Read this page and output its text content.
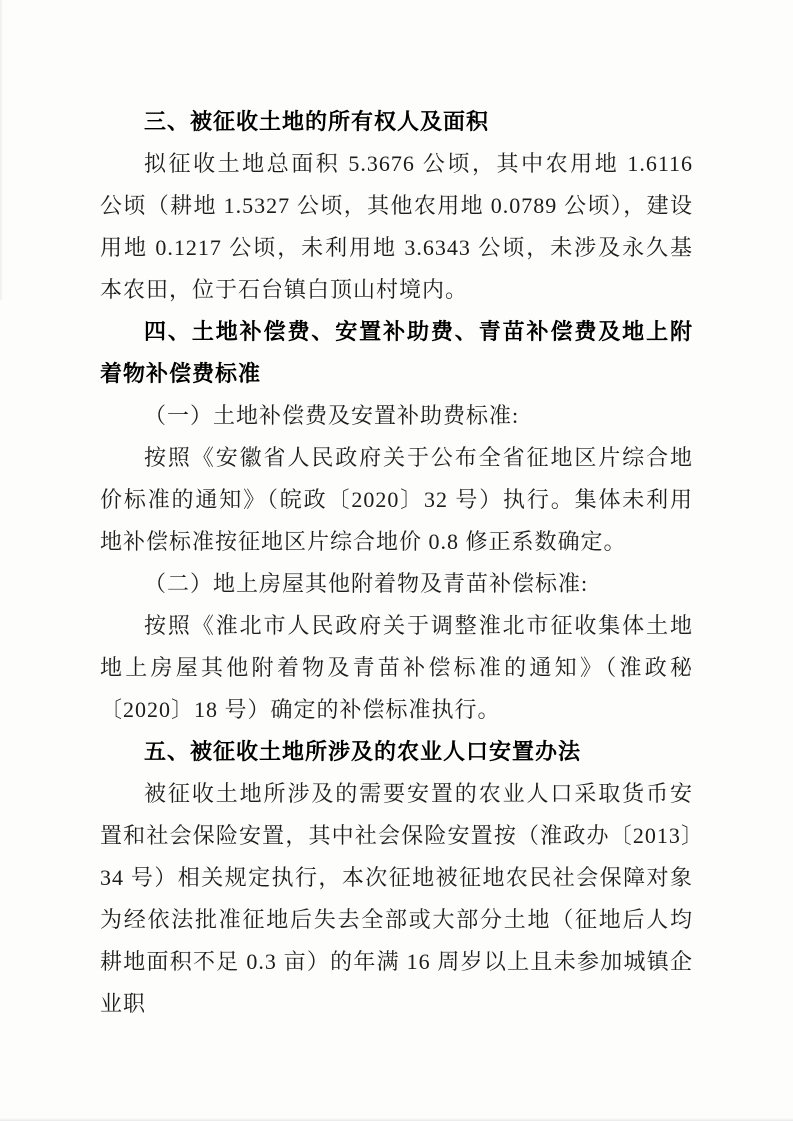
三、被征收土地的所有权人及面积

拟征收土地总面积 5.3676 公顷，其中农用地 1.6116 公顷（耕地 1.5327 公顷，其他农用地 0.0789 公顷），建设用地 0.1217 公顷，未利用地 3.6343 公顷，未涉及永久基本农田，位于石台镇白顶山村境内。

四、土地补偿费、安置补助费、青苗补偿费及地上附着物补偿费标准

（一）土地补偿费及安置补助费标准:

按照《安徽省人民政府关于公布全省征地区片综合地价标准的通知》（皖政〔2020〕32 号）执行。集体未利用地补偿标准按征地区片综合地价 0.8 修正系数确定。

（二）地上房屋其他附着物及青苗补偿标准:

按照《淮北市人民政府关于调整淮北市征收集体土地地上房屋其他附着物及青苗补偿标准的通知》（淮政秘〔2020〕18 号）确定的补偿标准执行。

五、被征收土地所涉及的农业人口安置办法

被征收土地所涉及的需要安置的农业人口采取货币安置和社会保险安置，其中社会保险安置按（淮政办〔2013〕34 号）相关规定执行，本次征地被征地农民社会保障对象为经依法批准征地后失去全部或大部分土地（征地后人均耕地面积不足 0.3 亩）的年满 16 周岁以上且未参加城镇企业职
